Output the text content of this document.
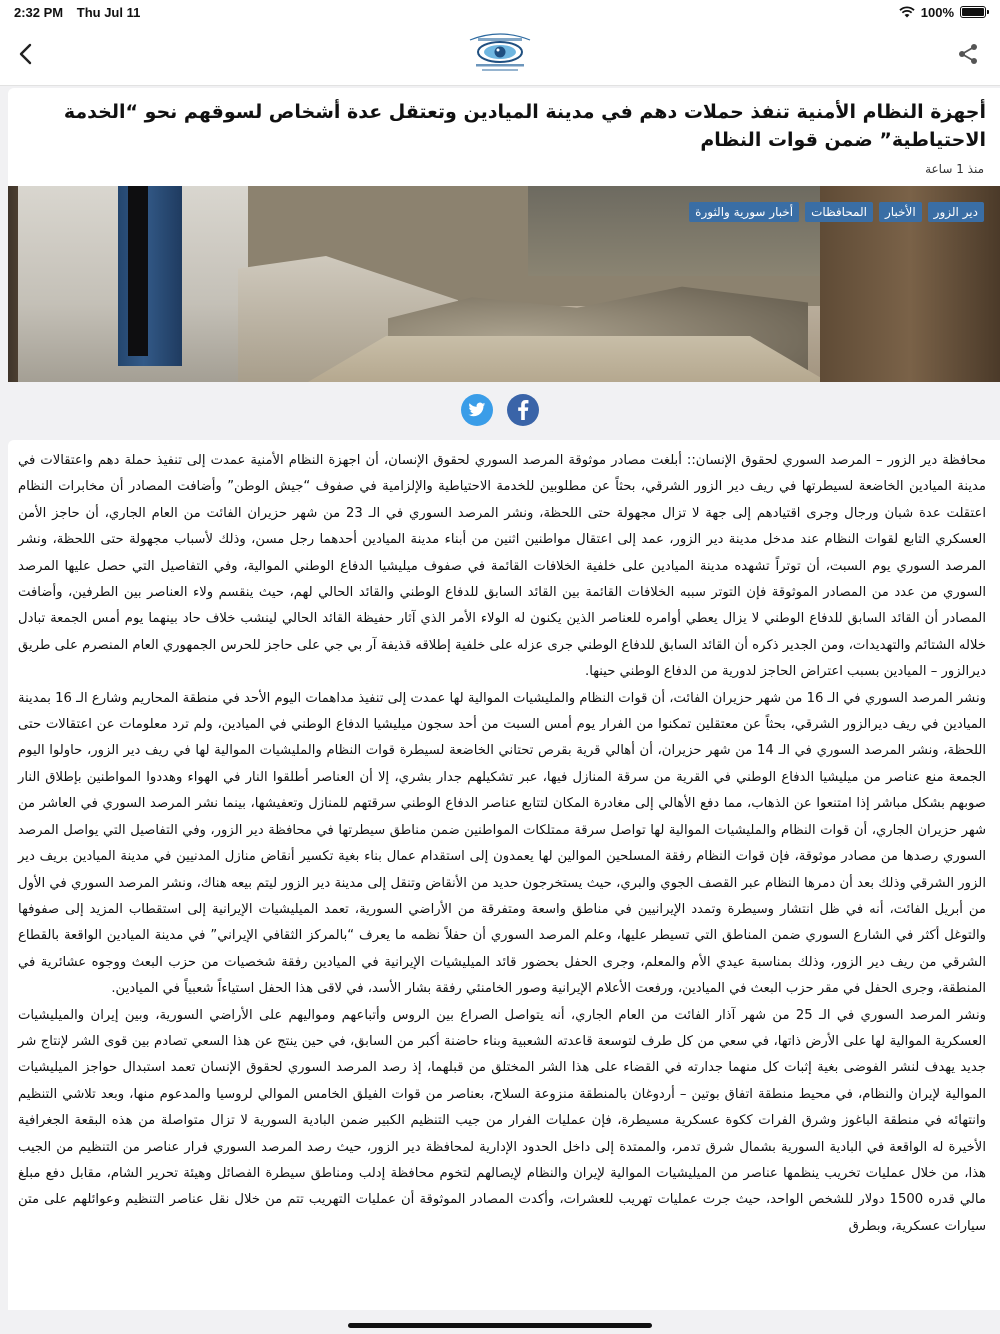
2:32 PM Thu Jul 11	100%
أجهزة النظام الأمنية تنفذ حملات دهم في مدينة الميادين وتعتقل عدة أشخاص لسوقهم نحو “الخدمة الاحتياطية” ضمن قوات النظام
منذ 1 ساعة
دير الزور
الأخبار
المحافظات
أخبار سورية والثورة

محافظة دير الزور – المرصد السوري لحقوق الإنسان:: أبلغت مصادر موثوقة المرصد السوري لحقوق الإنسان، أن اجهزة النظام الأمنية عمدت إلى تنفيذ حملة دهم واعتقالات في مدينة الميادين الخاضعة لسيطرتها في ريف دير الزور الشرقي، بحثاً عن مطلوبين للخدمة الاحتياطية والإلزامية في صفوف “جيش الوطن” وأضافت المصادر أن مخابرات النظام اعتقلت عدة شبان ورجال وجرى اقتيادهم إلى جهة لا تزال مجهولة حتى اللحظة، ونشر المرصد السوري في الـ 23 من شهر حزيران الفائت من العام الجاري، أن حاجز الأمن العسكري التابع لقوات النظام عند مدخل مدينة دير الزور، عمد إلى اعتقال مواطنين اثنين من أبناء مدينة الميادين أحدهما رجل مسن، وذلك لأسباب مجهولة حتى اللحظة، ونشر المرصد السوري يوم السبت، أن توتراً تشهده مدينة الميادين على خلفية الخلافات القائمة في صفوف ميليشيا الدفاع الوطني الموالية، وفي التفاصيل التي حصل عليها المرصد السوري من عدد من المصادر الموثوقة فإن التوتر سببه الخلافات القائمة بين القائد السابق للدفاع الوطني والقائد الحالي لهم، حيث ينقسم ولاء العناصر بين الطرفين، وأضافت المصادر أن القائد السابق للدفاع الوطني لا يزال يعطي أوامره للعناصر الذين يكنون له الولاء الأمر الذي آثار حفيظة القائد الحالي لينشب خلاف حاد بينهما يوم أمس الجمعة تبادل خلاله الشتائم والتهديدات، ومن الجدير ذكره أن القائد السابق للدفاع الوطني جرى عزله على خلفية إطلاقه قذيفة آر بي جي على حاجز للحرس الجمهوري العام المنصرم على طريق ديرالزور – الميادين بسبب اعتراض الحاجز لدورية من الدفاع الوطني حينها.

ونشر المرصد السوري في الـ 16 من شهر حزيران الفائت، أن قوات النظام والمليشيات الموالية لها عمدت إلى تنفيذ مداهمات اليوم الأحد في منطقة المحاريم وشارع الـ 16 بمدينة الميادين في ريف ديرالزور الشرقي، بحثاً عن معتقلين تمكنوا من الفرار يوم أمس السبت من أحد سجون ميليشيا الدفاع الوطني في الميادين، ولم ترد معلومات عن اعتقالات حتى اللحظة، ونشر المرصد السوري في الـ 14 من شهر حزيران، أن أهالي قرية بقرص تحتاني الخاضعة لسيطرة قوات النظام والمليشيات الموالية لها في ريف دير الزور، حاولوا اليوم الجمعة منع عناصر من ميليشيا الدفاع الوطني في القرية من سرقة المنازل فيها، عبر تشكيلهم جدار بشري، إلا أن العناصر أطلقوا النار في الهواء وهددوا المواطنين بإطلاق النار صوبهم بشكل مباشر إذا امتنعوا عن الذهاب، مما دفع الأهالي إلى مغادرة المكان لتتابع عناصر الدفاع الوطني سرقتهم للمنازل وتعفيشها، بينما نشر المرصد السوري في العاشر من شهر حزيران الجاري، أن قوات النظام والمليشيات الموالية لها تواصل سرقة ممتلكات المواطنين ضمن مناطق سيطرتها في محافظة دير الزور، وفي التفاصيل التي يواصل المرصد السوري رصدها من مصادر موثوقة، فإن قوات النظام رفقة المسلحين الموالين لها يعمدون إلى استقدام عمال بناء بغية تكسير أنقاض منازل المدنيين في مدينة الميادين بريف دير الزور الشرقي وذلك بعد أن دمرها النظام عبر القصف الجوي والبري، حيث يستخرجون حديد من الأنقاض وتنقل إلى مدينة دير الزور ليتم بيعه هناك، ونشر المرصد السوري في الأول من أبريل الفائت، أنه في ظل انتشار وسيطرة وتمدد الإيرانيين في مناطق واسعة ومتفرقة من الأراضي السورية، تعمد الميليشيات الإيرانية إلى استقطاب المزيد إلى صفوفها والتوغل أكثر في الشارع السوري ضمن المناطق التي تسيطر عليها، وعلم المرصد السوري أن حفلاً نظمه ما يعرف “بالمركز الثقافي الإيراني” في مدينة الميادين الواقعة بالقطاع الشرقي من ريف دير الزور، وذلك بمناسبة عيدي الأم والمعلم، وجرى الحفل بحضور قائد الميليشيات الإيرانية في الميادين رفقة شخصيات من حزب البعث ووجوه عشائرية في المنطقة، وجرى الحفل في مقر حزب البعث في الميادين، ورفعت الأعلام الإيرانية وصور الخامنئي رفقة بشار الأسد، في لاقى هذا الحفل استياءاً شعبياً في الميادين.

ونشر المرصد السوري في الـ 25 من شهر آذار الفائت من العام الجاري، أنه يتواصل الصراع بين الروس وأتباعهم ومواليهم على الأراضي السورية، وبين إيران والميليشيات العسكرية الموالية لها على الأرض ذاتها، في سعي من كل طرف لتوسعة قاعدته الشعبية وبناء حاضنة أكبر من السابق، في حين ينتج عن هذا السعي تصادم بين قوى الشر لإنتاج شر جديد يهدف لنشر الفوضى بغية إثبات كل منهما جدارته في القضاء على هذا الشر المختلق من قبلهما، إذ رصد المرصد السوري لحقوق الإنسان تعمد استبدال حواجز الميليشيات الموالية لإيران والنظام، في محيط منطقة اتفاق بوتين – أردوغان بالمنطقة منزوعة السلاح، بعناصر من قوات الفيلق الخامس الموالي لروسيا والمدعوم منها، وبعد تلاشي التنظيم وانتهائه في منطقة الباغوز وشرق الفرات ككوة عسكرية مسيطرة، فإن عمليات الفرار من جيب التنظيم الكبير ضمن البادية السورية لا تزال متواصلة من هذه البقعة الجغرافية الأخيرة له الواقعة في البادية السورية بشمال شرق تدمر، والممتدة إلى داخل الحدود الإدارية لمحافظة دير الزور، حيث رصد المرصد السوري فرار عناصر من التنظيم من الجيب هذا، من خلال عمليات تخريب ينظمها عناصر من الميليشيات الموالية لإيران والنظام لإيصالهم لتخوم محافظة إدلب ومناطق سيطرة الفصائل وهيئة تحرير الشام، مقابل دفع مبلغ مالي قدره 1500 دولار للشخص الواحد، حيث جرت عمليات تهريب للعشرات، وأكدت المصادر الموثوقة أن عمليات التهريب تتم من خلال نقل عناصر التنظيم وعوائلهم على متن سيارات عسكرية، وبطرق
